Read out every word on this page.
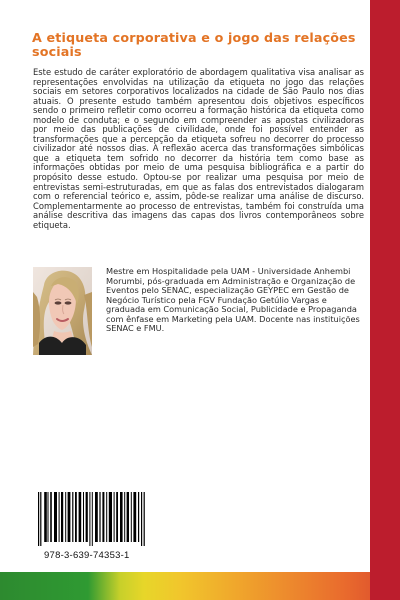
A etiqueta corporativa e o jogo das relações sociais

Este estudo de caráter exploratório de abordagem qualitativa visa analisar as representações envolvidas na utilização da etiqueta no jogo das relações sociais em setores corporativos localizados na cidade de São Paulo nos dias atuais. O presente estudo também apresentou dois objetivos específicos sendo o primeiro refletir como ocorreu a formação histórica da etiqueta como modelo de conduta; e o segundo em compreender as apostas civilizadoras por meio das publicações de civilidade, onde foi possível entender as transformações que a percepção da etiqueta sofreu no decorrer do processo civilizador até nossos dias. A reflexão acerca das transformações simbólicas que a etiqueta tem sofrido no decorrer da história tem como base as informações obtidas por meio de uma pesquisa bibliográfica e a partir do propósito desse estudo. Optou-se por realizar uma pesquisa por meio de entrevistas semi-estruturadas, em que as falas dos entrevistados dialogaram com o referencial teórico e, assim, pôde-se realizar uma análise de discurso. Complementarmente ao processo de entrevistas, também foi construída uma análise descritiva das imagens das capas dos livros contemporâneos sobre etiqueta.

Mestre em Hospitalidade pela UAM - Universidade Anhembi Morumbi, pós-graduada em Administração e Organização de Eventos pelo SENAC, especialização GEYPEC em Gestão de Negócio Turístico pela FGV Fundação Getúlio Vargas e graduada em Comunicação Social, Publicidade e Propaganda com ênfase em Marketing pela UAM. Docente nas instituições SENAC e FMU.

978-3-639-74353-1
